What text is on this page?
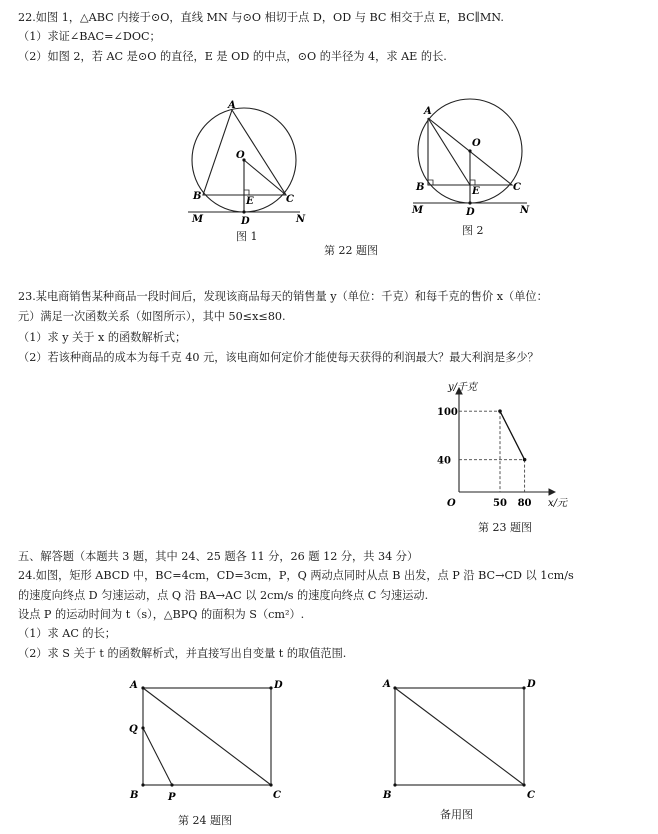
22.如图 1，△ABC 内接于⊙O，直线 MN 与⊙O 相切于点 D，OD 与 BC 相交于点 E，BC∥MN.
（1）求证∠BAC=∠DOC；
（2）如图 2，若 AC 是⊙O 的直径，E 是 OD 的中点，⊙O 的半径为 4，求 AE 的长.
A
O
B	E	C
M	D	N
A
O
B	E	C
M	D	N
图 1	图 2
第 22 题图
23.某电商销售某种商品一段时间后，发现该商品每天的销售量 y（单位：千克）和每千克的售价 x（单位：
元）满足一次函数关系（如图所示），其中 50≤x≤80.
（1）求 y 关于 x 的函数解析式；
（2）若该种商品的成本为每千克 40 元，该电商如何定价才能使每天获得的利润最大？最大利润是多少？
50 80
100
40
y/千克
x/元
O
第 23 题图
五、解答题（本题共 3 题，其中 24、25 题各 11 分，26 题 12 分，共 34 分）
24.如图，矩形 ABCD 中，BC=4cm，CD=3cm，P，Q 两动点同时从点 B 出发，点 P 沿 BC→CD 以 1cm/s
的速度向终点 D 匀速运动，点 Q 沿 BA→AC 以 2cm/s 的速度向终点 C 匀速运动.
设点 P 的运动时间为 t（s），△BPQ 的面积为 S（cm²）.
（1）求 AC 的长；
（2）求 S 关于 t 的函数解析式，并直接写出自变量 t 的取值范围.
A	D
Q
B	P	C
A	D
B	C
第 24 题图	备用图
